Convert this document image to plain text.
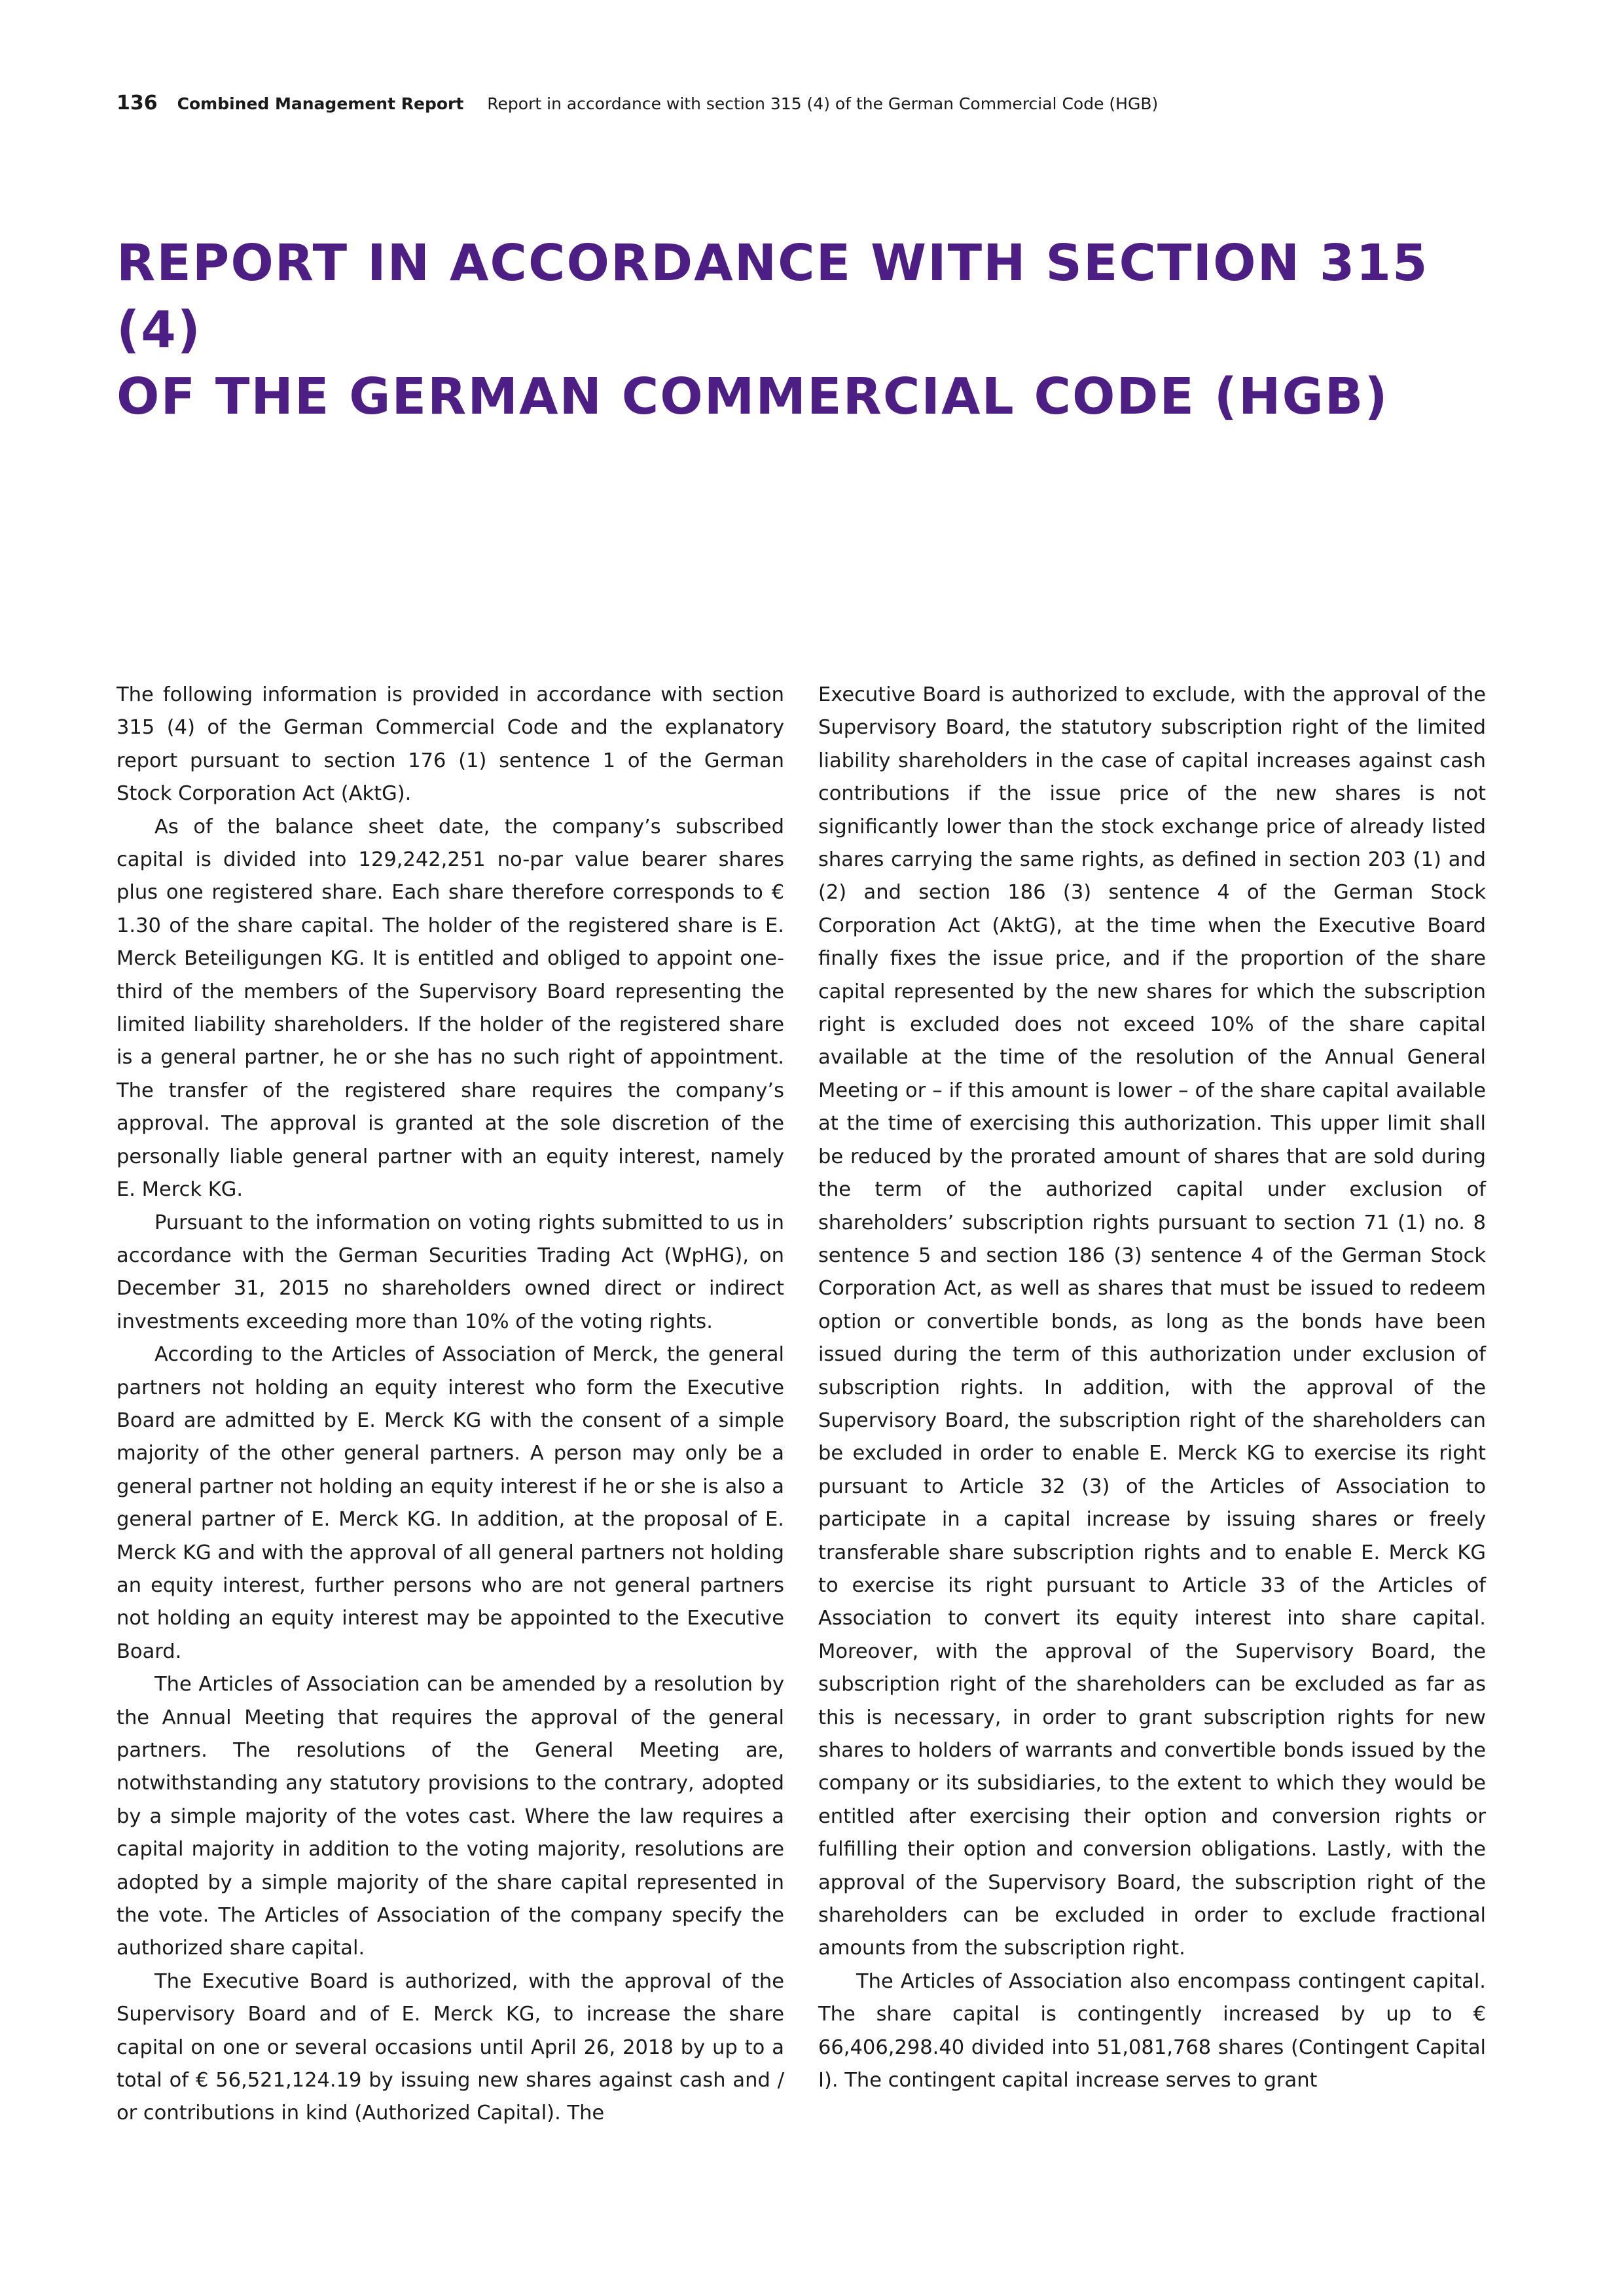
136 Combined Management Report Report in accordance with section 315 (4) of the German Commercial Code (HGB)
REPORT IN ACCORDANCE WITH SECTION 315 (4)
OF THE GERMAN COMMERCIAL CODE (HGB)

The following information is provided in accordance with section 315 (4) of the German Commercial Code and the explanatory report pursuant to section 176 (1) sentence 1 of the German Stock Corporation Act (AktG).

As of the balance sheet date, the company’s subscribed capital is divided into 129,242,251 no-par value bearer shares plus one registered share. Each share therefore corresponds to € 1.30 of the share capital. The holder of the registered share is E. Merck Beteiligungen KG. It is entitled and obliged to appoint one-third of the members of the Supervisory Board representing the limited liability shareholders. If the holder of the registered share is a general partner, he or she has no such right of appointment. The transfer of the registered share requires the company’s approval. The approval is granted at the sole discretion of the personally liable general partner with an equity interest, namely E. Merck KG.

Pursuant to the information on voting rights submitted to us in accordance with the German Securities Trading Act (WpHG), on December 31, 2015 no shareholders owned direct or indirect investments exceeding more than 10% of the voting rights.

According to the Articles of Association of Merck, the general partners not holding an equity interest who form the Executive Board are admitted by E. Merck KG with the consent of a simple majority of the other general partners. A person may only be a general partner not holding an equity interest if he or she is also a general partner of E. Merck KG. In addition, at the proposal of E. Merck KG and with the approval of all general partners not holding an equity interest, further persons who are not general partners not holding an equity interest may be appointed to the Executive Board.

The Articles of Association can be amended by a resolution by the Annual Meeting that requires the approval of the general partners. The resolutions of the General Meeting are, notwithstanding any statutory provisions to the contrary, adopted by a simple majority of the votes cast. Where the law requires a capital majority in addition to the voting majority, resolutions are adopted by a simple majority of the share capital represented in the vote. The Articles of Association of the company specify the authorized share capital.

The Executive Board is authorized, with the approval of the Supervisory Board and of E. Merck KG, to increase the share capital on one or several occasions until April 26, 2018 by up to a total of € 56,521,124.19 by issuing new shares against cash and / or contributions in kind (Authorized Capital). The

Executive Board is authorized to exclude, with the approval of the Supervisory Board, the statutory subscription right of the limited liability shareholders in the case of capital increases against cash contributions if the issue price of the new shares is not significantly lower than the stock exchange price of already listed shares carrying the same rights, as defined in section 203 (1) and (2) and section 186 (3) sentence 4 of the German Stock Corporation Act (AktG), at the time when the Executive Board finally fixes the issue price, and if the proportion of the share capital represented by the new shares for which the subscription right is excluded does not exceed 10% of the share capital available at the time of the resolution of the Annual General Meeting or – if this amount is lower – of the share capital available at the time of exercising this authorization. This upper limit shall be reduced by the prorated amount of shares that are sold during the term of the authorized capital under exclusion of shareholders’ subscription rights pursuant to section 71 (1) no. 8 sentence 5 and section 186 (3) sentence 4 of the German Stock Corporation Act, as well as shares that must be issued to redeem option or convertible bonds, as long as the bonds have been issued during the term of this authorization under exclusion of subscription rights. In addition, with the approval of the Supervisory Board, the subscription right of the shareholders can be excluded in order to enable E. Merck KG to exercise its right pursuant to Article 32 (3) of the Articles of Association to participate in a capital increase by issuing shares or freely transferable share subscription rights and to enable E. Merck KG to exercise its right pursuant to Article 33 of the Articles of Association to convert its equity interest into share capital. Moreover, with the approval of the Supervisory Board, the subscription right of the shareholders can be excluded as far as this is necessary, in order to grant subscription rights for new shares to holders of warrants and convertible bonds issued by the company or its subsidiaries, to the extent to which they would be entitled after exercising their option and conversion rights or fulfilling their option and conversion obligations. Lastly, with the approval of the Supervisory Board, the subscription right of the shareholders can be excluded in order to exclude fractional amounts from the subscription right.

The Articles of Association also encompass contingent capital. The share capital is contingently increased by up to € 66,406,298.40 divided into 51,081,768 shares (Contingent Capital I). The contingent capital increase serves to grant
